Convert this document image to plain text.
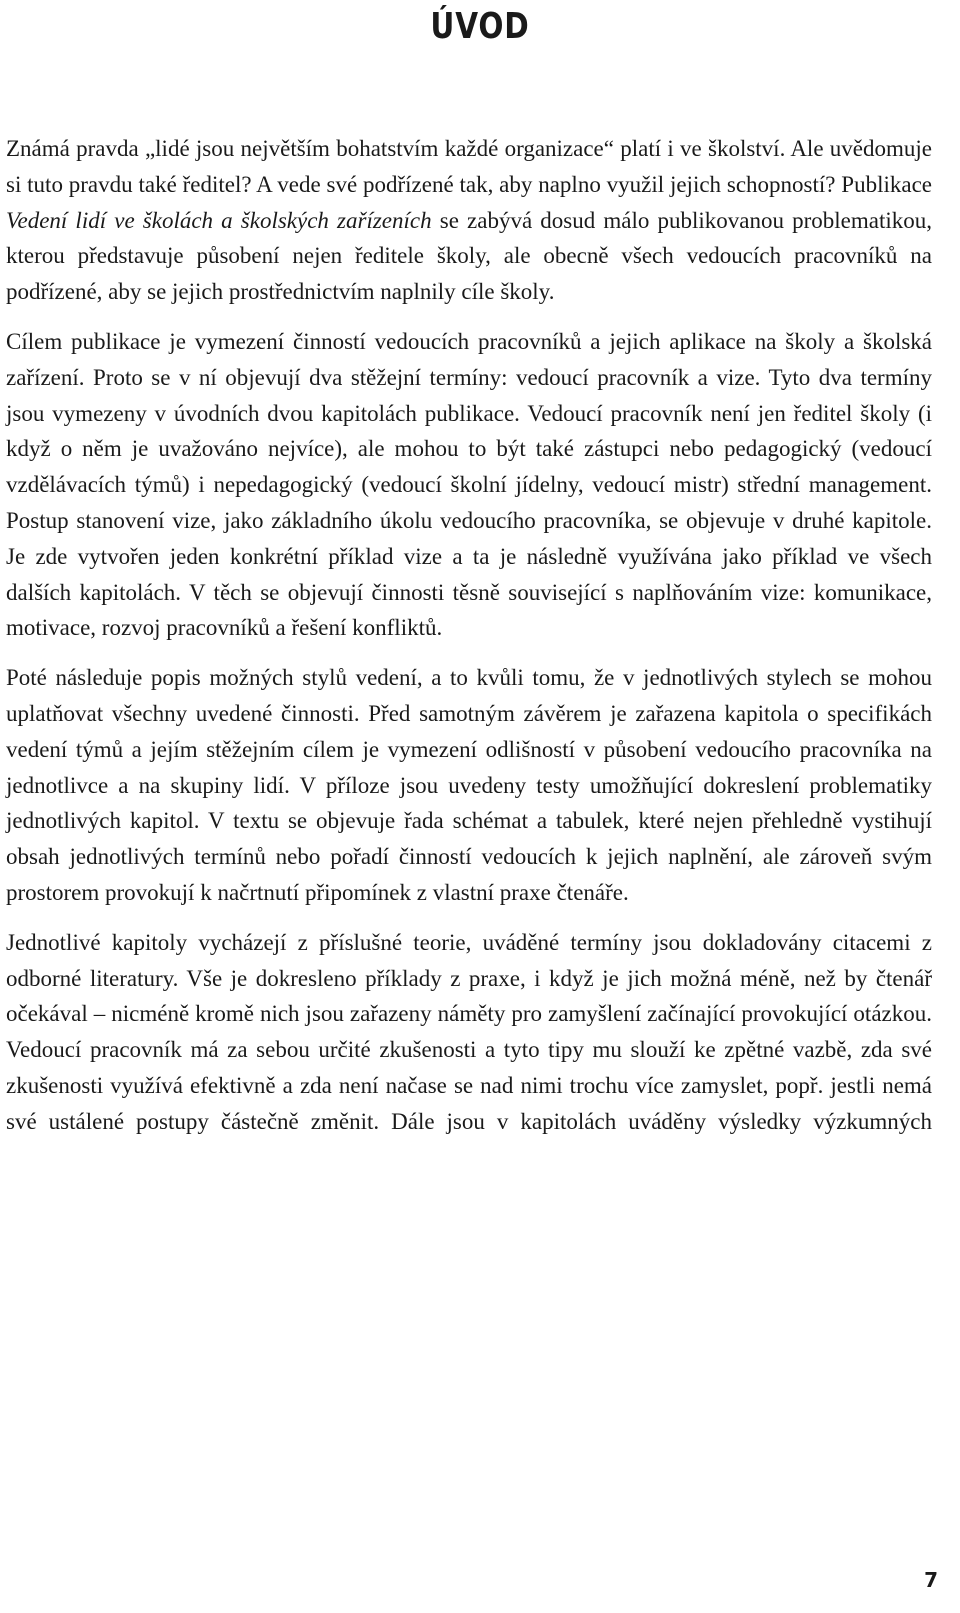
ÚVOD

Známá pravda „lidé jsou největším bohatstvím každé organizace“ platí i ve školství. Ale uvědomuje si tuto pravdu také ředitel? A vede své podřízené tak, aby naplno využil jejich schopností? Publikace Vedení lidí ve školách a školských zařízeních se zabývá dosud málo publikovanou problematikou, kterou představuje působení nejen ředitele školy, ale obecně všech vedoucích pracovníků na podřízené, aby se jejich prostřednictvím naplnily cíle školy.

Cílem publikace je vymezení činností vedoucích pracovníků a jejich aplikace na školy a školská zařízení. Proto se v ní objevují dva stěžejní termíny: vedoucí pracovník a vize. Tyto dva termíny jsou vymezeny v úvodních dvou kapitolách publikace. Vedoucí pracovník není jen ředitel školy (i když o něm je uvažováno nejvíce), ale mohou to být také zástupci nebo pedagogický (vedoucí vzdělávacích týmů) i nepedagogický (vedoucí školní jídelny, vedoucí mistr) střední management. Postup stanovení vize, jako základního úkolu vedoucího pracovníka, se objevuje v druhé kapitole. Je zde vytvořen jeden konkrétní příklad vize a ta je následně využívána jako příklad ve všech dalších kapitolách. V těch se objevují činnosti těsně související s naplňováním vize: komunikace, motivace, rozvoj pracovníků a řešení konfliktů.

Poté následuje popis možných stylů vedení, a to kvůli tomu, že v jednotlivých stylech se mohou uplatňovat všechny uvedené činnosti. Před samotným závěrem je zařazena kapitola o specifikách vedení týmů a jejím stěžejním cílem je vymezení odlišností v působení vedoucího pracovníka na jednotlivce a na skupiny lidí. V příloze jsou uvedeny testy umožňující dokreslení problematiky jednotlivých kapitol. V textu se objevuje řada schémat a tabulek, které nejen přehledně vystihují obsah jednotlivých termínů nebo pořadí činností vedoucích k jejich naplnění, ale zároveň svým prostorem provokují k načrtnutí připomínek z vlastní praxe čtenáře.

Jednotlivé kapitoly vycházejí z příslušné teorie, uváděné termíny jsou dokladovány citacemi z odborné literatury. Vše je dokresleno příklady z praxe, i když je jich možná méně, než by čtenář očekával – nicméně kromě nich jsou zařazeny náměty pro zamyšlení začínající provokující otázkou. Vedoucí pracovník má za sebou určité zkušenosti a tyto tipy mu slouží ke zpětné vazbě, zda své zkušenosti využívá efektivně a zda není načase se nad nimi trochu více zamyslet, popř. jestli nemá své ustálené postupy částečně změnit. Dále jsou v kapitolách uváděny výsledky výzkumných

7
